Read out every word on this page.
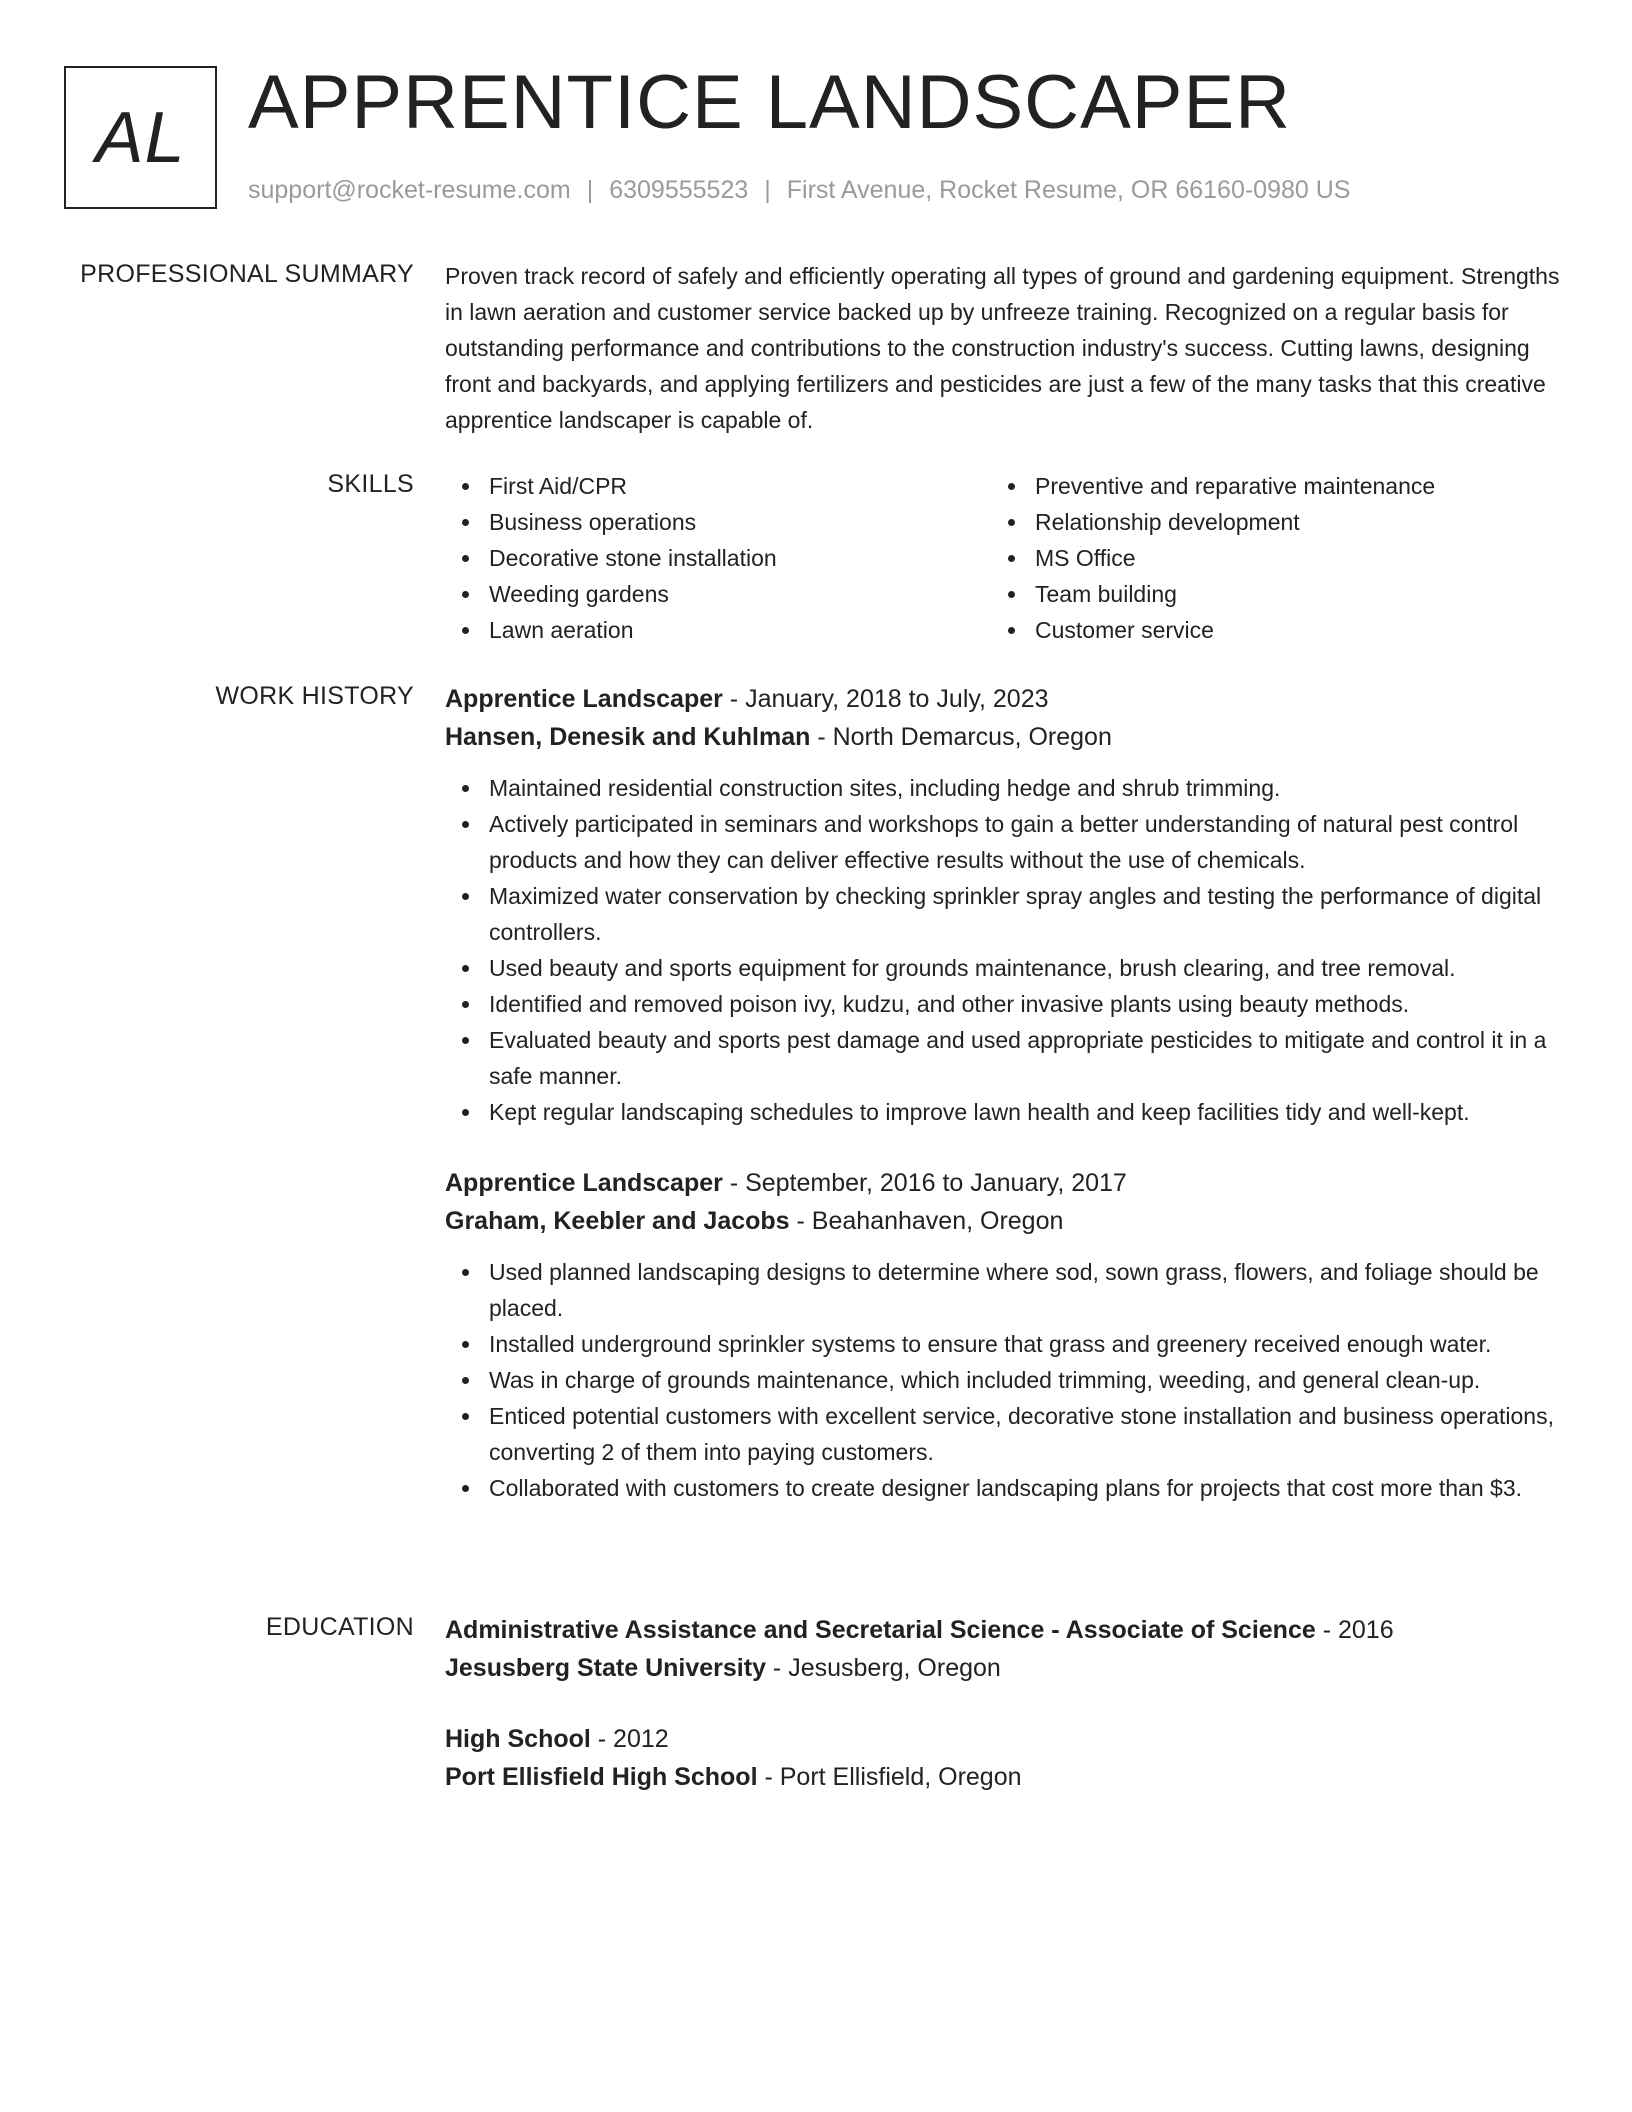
AL APPRENTICE LANDSCAPER
support@rocket-resume.com | 6309555523 | First Avenue, Rocket Resume, OR 66160-0980 US
PROFESSIONAL SUMMARY Proven track record of safely and efficiently operating all types of ground and gardening equipment. Strengths in lawn aeration and customer service backed up by unfreeze training. Recognized on a regular basis for outstanding performance and contributions to the construction industry's success. Cutting lawns, designing front and backyards, and applying fertilizers and pesticides are just a few of the many tasks that this creative apprentice landscaper is capable of.

SKILLS	First Aid/CPR
Business operations
Decorative stone installation
Weeding gardens
Lawn aeration
Preventive and reparative maintenance
Relationship development
MS Office
Team building
Customer service
WORK HISTORY Apprentice Landscaper - January, 2018 to July, 2023
Hansen, Denesik and Kuhlman - North Demarcus, Oregon
Maintained residential construction sites, including hedge and shrub trimming.
Actively participated in seminars and workshops to gain a better understanding of natural pest control products and how they can deliver effective results without the use of chemicals.
Maximized water conservation by checking sprinkler spray angles and testing the performance of digital controllers.
Used beauty and sports equipment for grounds maintenance, brush clearing, and tree removal.
Identified and removed poison ivy, kudzu, and other invasive plants using beauty methods.
Evaluated beauty and sports pest damage and used appropriate pesticides to mitigate and control it in a safe manner.
Kept regular landscaping schedules to improve lawn health and keep facilities tidy and well-kept.
Apprentice Landscaper - September, 2016 to January, 2017
Graham, Keebler and Jacobs - Beahanhaven, Oregon
Used planned landscaping designs to determine where sod, sown grass, flowers, and foliage should be placed.
Installed underground sprinkler systems to ensure that grass and greenery received enough water.
Was in charge of grounds maintenance, which included trimming, weeding, and general clean-up.
Enticed potential customers with excellent service, decorative stone installation and business operations, converting 2 of them into paying customers.
Collaborated with customers to create designer landscaping plans for projects that cost more than $3.
EDUCATION Administrative Assistance and Secretarial Science - Associate of Science - 2016
Jesusberg State University - Jesusberg, Oregon
High School - 2012
Port Ellisfield High School - Port Ellisfield, Oregon
